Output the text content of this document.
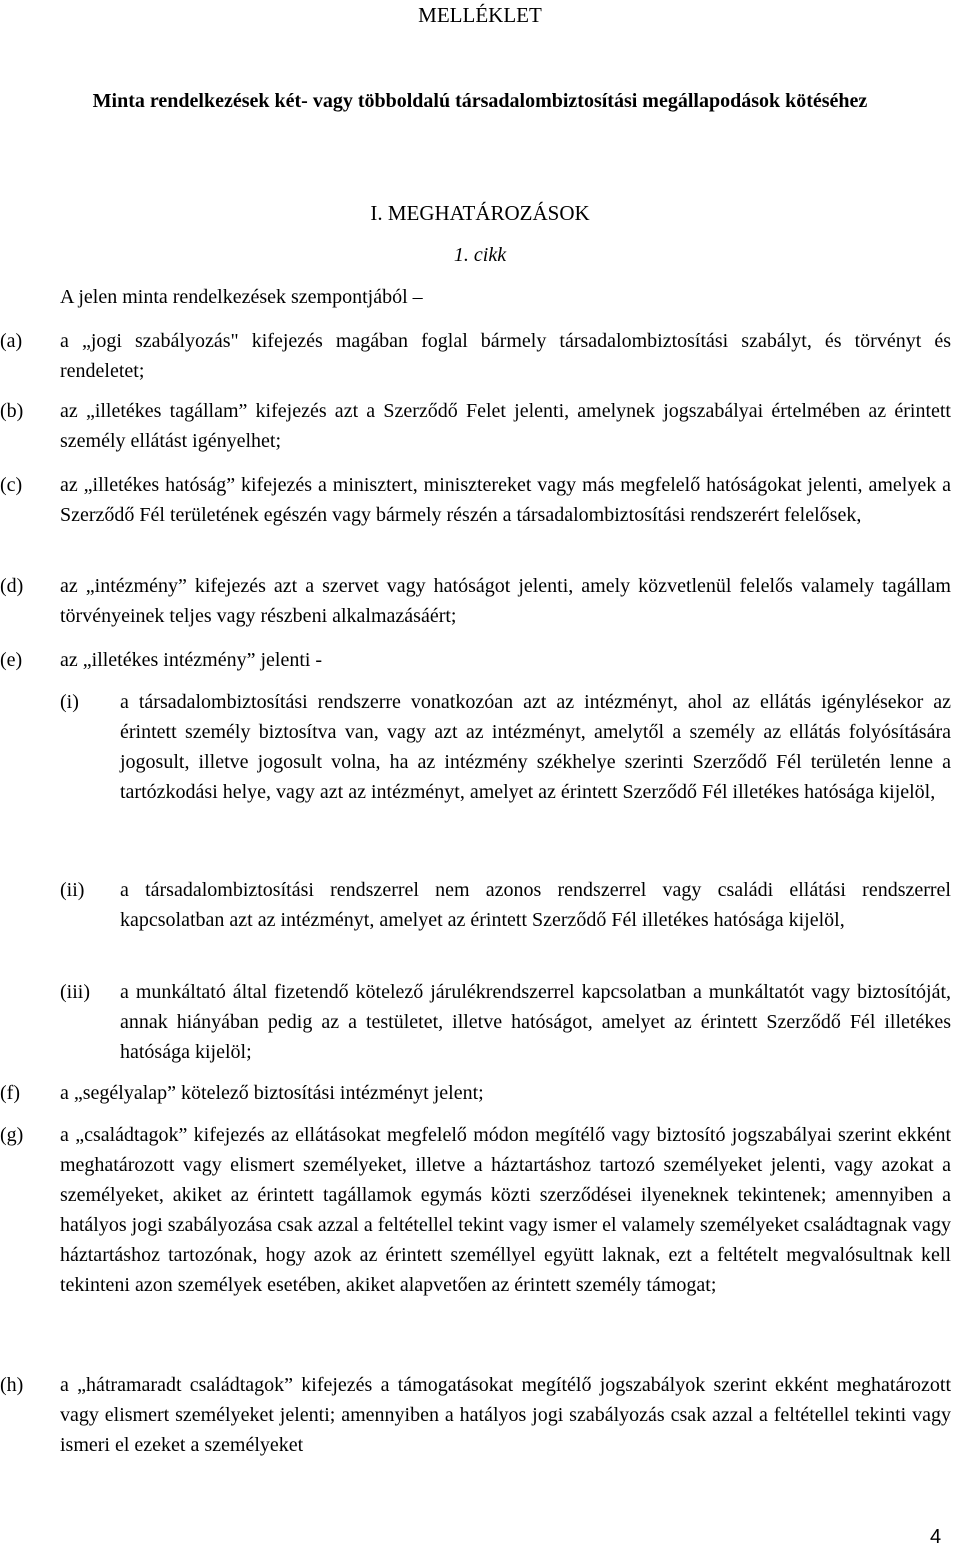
MELLÉKLET
Minta rendelkezések két- vagy többoldalú társadalombiztosítási megállapodások kötéséhez
I. MEGHATÁROZÁSOK
1. cikk
A jelen minta rendelkezések szempontjából –
(a) a „jogi szabályozás" kifejezés magában foglal bármely társadalombiztosítási szabályt, és törvényt és rendeletet;
(b) az „illetékes tagállam” kifejezés azt a Szerződő Felet jelenti, amelynek jogszabályai értelmében az érintett személy ellátást igényelhet;
(c) az „illetékes hatóság” kifejezés a minisztert, minisztereket vagy más megfelelő hatóságokat jelenti, amelyek a Szerződő Fél területének egészén vagy bármely részén a társadalombiztosítási rendszerért felelősek,
(d) az „intézmény” kifejezés azt a szervet vagy hatóságot jelenti, amely közvetlenül felelős valamely tagállam törvényeinek teljes vagy részbeni alkalmazásáért;
(e) az „illetékes intézmény” jelenti -
(i) a társadalombiztosítási rendszerre vonatkozóan azt az intézményt, ahol az ellátás igénylésekor az érintett személy biztosítva van, vagy azt az intézményt, amelytől a személy az ellátás folyósítására jogosult, illetve jogosult volna, ha az intézmény székhelye szerinti Szerződő Fél területén lenne a tartózkodási helye, vagy azt az intézményt, amelyet az érintett Szerződő Fél illetékes hatósága kijelöl,
(ii) a társadalombiztosítási rendszerrel nem azonos rendszerrel vagy családi ellátási rendszerrel kapcsolatban azt az intézményt, amelyet az érintett Szerződő Fél illetékes hatósága kijelöl,
(iii) a munkáltató által fizetendő kötelező járulékrendszerrel kapcsolatban a munkáltatót vagy biztosítóját, annak hiányában pedig az a testületet, illetve hatóságot, amelyet az érintett Szerződő Fél illetékes hatósága kijelöl;
(f) a „segélyalap” kötelező biztosítási intézményt jelent;
(g) a „családtagok” kifejezés az ellátásokat megfelelő módon megítélő vagy biztosító jogszabályai szerint ekként meghatározott vagy elismert személyeket, illetve a háztartáshoz tartozó személyeket jelenti, vagy azokat a személyeket, akiket az érintett tagállamok egymás közti szerződései ilyeneknek tekintenek; amennyiben a hatályos jogi szabályozása csak azzal a feltétellel tekint vagy ismer el valamely személyeket családtagnak vagy háztartáshoz tartozónak, hogy azok az érintett személlyel együtt laknak, ezt a feltételt megvalósultnak kell tekinteni azon személyek esetében, akiket alapvetően az érintett személy támogat;
(h) a „hátramaradt családtagok” kifejezés a támogatásokat megítélő jogszabályok szerint ekként meghatározott vagy elismert személyeket jelenti; amennyiben a hatályos jogi szabályozás csak azzal a feltétellel tekinti vagy ismeri el ezeket a személyeket
4
